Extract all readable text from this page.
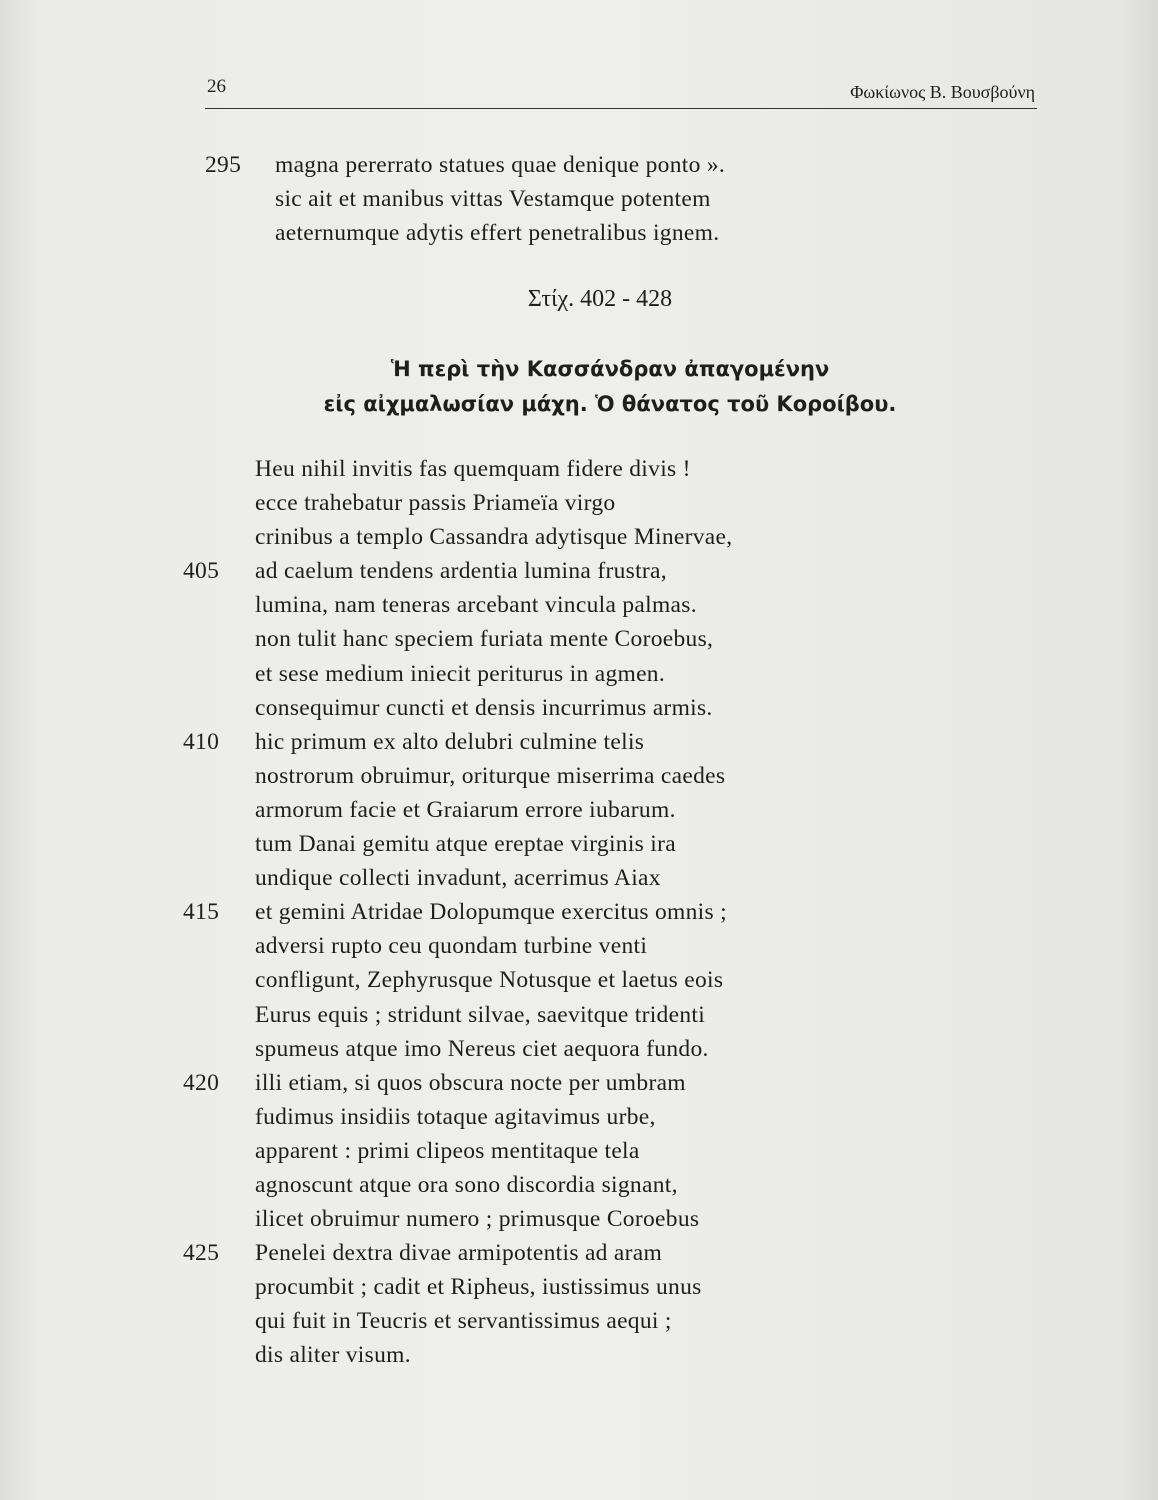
26	Φωκίωνος Β. Βουσβούνη
295	magna pererrato statues quae denique ponto ».
sic ait et manibus vittas Vestamque potentem
aeternumque adytis effert penetralibus ignem.
Στίχ. 402 - 428
Ἡ περὶ τὴν Κασσάνδραν ἀπαγομένην
εἰς αἰχμαλωσίαν μάχη. Ὁ θάνατος τοῦ Κοροίβου.
Heu nihil invitis fas quemquam fidere divis !
ecce trahebatur passis Priameïa virgo
crinibus a templo Cassandra adytisque Minervae,
405	ad caelum tendens ardentia lumina frustra,
lumina, nam teneras arcebant vincula palmas.
non tulit hanc speciem furiata mente Coroebus,
et sese medium iniecit periturus in agmen.
consequimur cuncti et densis incurrimus armis.
410	hic primum ex alto delubri culmine telis
nostrorum obruimur, oriturque miserrima caedes
armorum facie et Graiarum errore iubarum.
tum Danai gemitu atque ereptae virginis ira
undique collecti invadunt, acerrimus Aiax
415	et gemini Atridae Dolopumque exercitus omnis ;
adversi rupto ceu quondam turbine venti
confligunt, Zephyrusque Notusque et laetus eois
Eurus equis ; stridunt silvae, saevitque tridenti
spumeus atque imo Nereus ciet aequora fundo.
420	illi etiam, si quos obscura nocte per umbram
fudimus insidiis totaque agitavimus urbe,
apparent : primi clipeos mentitaque tela
agnoscunt atque ora sono discordia signant,
ilicet obruimur numero ; primusque Coroebus
425	Penelei dextra divae armipotentis ad aram
procumbit ; cadit et Ripheus, iustissimus unus
qui fuit in Teucris et servantissimus aequi ;
dis aliter visum.
